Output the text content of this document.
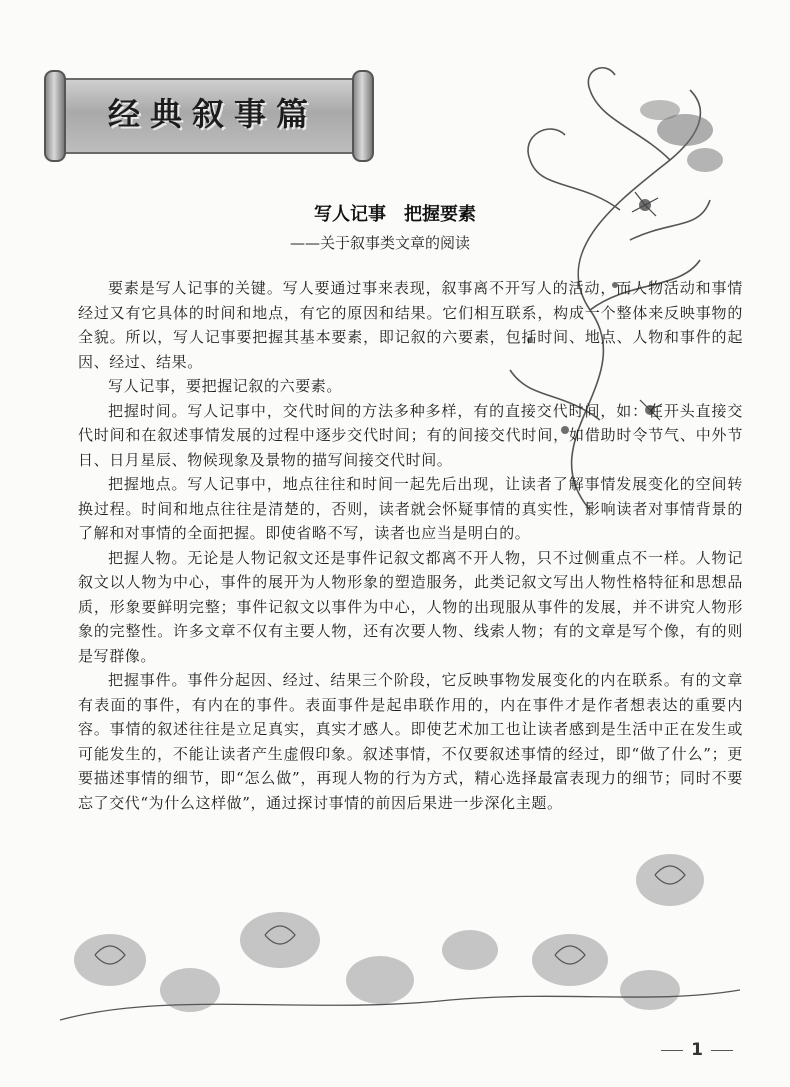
经典叙事篇
写人记事　把握要素
——关于叙事类文章的阅读

要素是写人记事的关键。写人要通过事来表现，叙事离不开写人的活动，而人物活动和事情经过又有它具体的时间和地点，有它的原因和结果。它们相互联系，构成一个整体来反映事物的全貌。所以，写人记事要把握其基本要素，即记叙的六要素，包括时间、地点、人物和事件的起因、经过、结果。

写人记事，要把握记叙的六要素。

把握时间。写人记事中，交代时间的方法多种多样，有的直接交代时间，如：在开头直接交代时间和在叙述事情发展的过程中逐步交代时间；有的间接交代时间，如借助时令节气、中外节日、日月星辰、物候现象及景物的描写间接交代时间。

把握地点。写人记事中，地点往往和时间一起先后出现，让读者了解事情发展变化的空间转换过程。时间和地点往往是清楚的，否则，读者就会怀疑事情的真实性，影响读者对事情背景的了解和对事情的全面把握。即使省略不写，读者也应当是明白的。

把握人物。无论是人物记叙文还是事件记叙文都离不开人物，只不过侧重点不一样。人物记叙文以人物为中心，事件的展开为人物形象的塑造服务，此类记叙文写出人物性格特征和思想品质，形象要鲜明完整；事件记叙文以事件为中心，人物的出现服从事件的发展，并不讲究人物形象的完整性。许多文章不仅有主要人物，还有次要人物、线索人物；有的文章是写个像，有的则是写群像。

把握事件。事件分起因、经过、结果三个阶段，它反映事物发展变化的内在联系。有的文章有表面的事件，有内在的事件。表面事件是起串联作用的，内在事件才是作者想表达的重要内容。事情的叙述往往是立足真实，真实才感人。即使艺术加工也让读者感到是生活中正在发生或可能发生的，不能让读者产生虚假印象。叙述事情，不仅要叙述事情的经过，即“做了什么”；更要描述事情的细节，即“怎么做”，再现人物的行为方式，精心选择最富表现力的细节；同时不要忘了交代“为什么这样做”，通过探讨事情的前因后果进一步深化主题。

1
